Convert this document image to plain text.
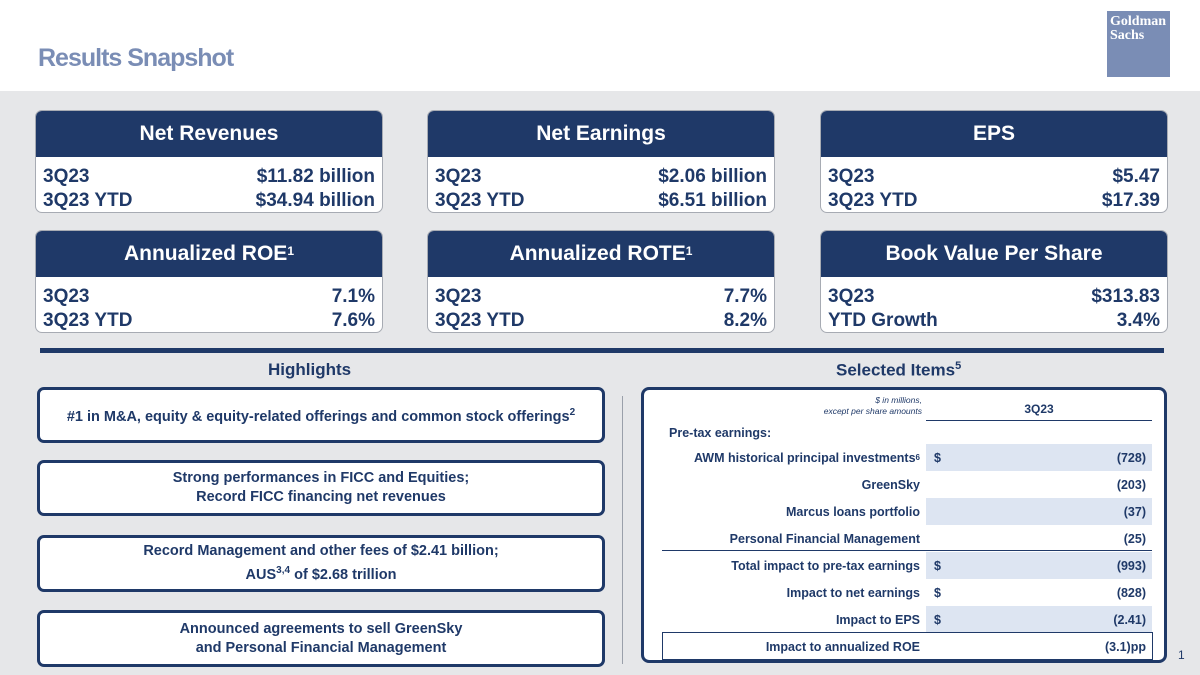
Results Snapshot
Goldman
Sachs
Net Revenues
3Q23	$11.82 billion
3Q23 YTD	$34.94 billion
Net Earnings
3Q23	$2.06 billion
3Q23 YTD	$6.51 billion
EPS
3Q23	$5.47
3Q23 YTD	$17.39
Annualized ROE$^1$
3Q23	7.1%
3Q23 YTD	7.6%
Annualized ROTE$^1$
3Q23	7.7%
3Q23 YTD	8.2%
Book Value Per Share
3Q23	$313.83
YTD Growth	3.4%
Highlights
#1 in M&A, equity & equity-related offerings and common stock offerings$^2$
Strong performances in FICC and Equities;
Record FICC financing net revenues
Record Management and other fees of $2.41 billion;
AUS$^{3,4}$ of $2.68 trillion
Announced agreements to sell GreenSky
and Personal Financial Management
Selected Items$^5$
$ in millions,
except per share amounts	3Q23
Pre-tax earnings:
AWM historical principal investments 6 $	(728)
GreenSky	(203)
Marcus loans portfolio	(37)
Personal Financial Management	(25)
Total impact to pre-tax earnings $	(993)
Impact to net earnings $	(828)
Impact to EPS $	(2.41)
Impact to annualized ROE	(3.1)pp
1
